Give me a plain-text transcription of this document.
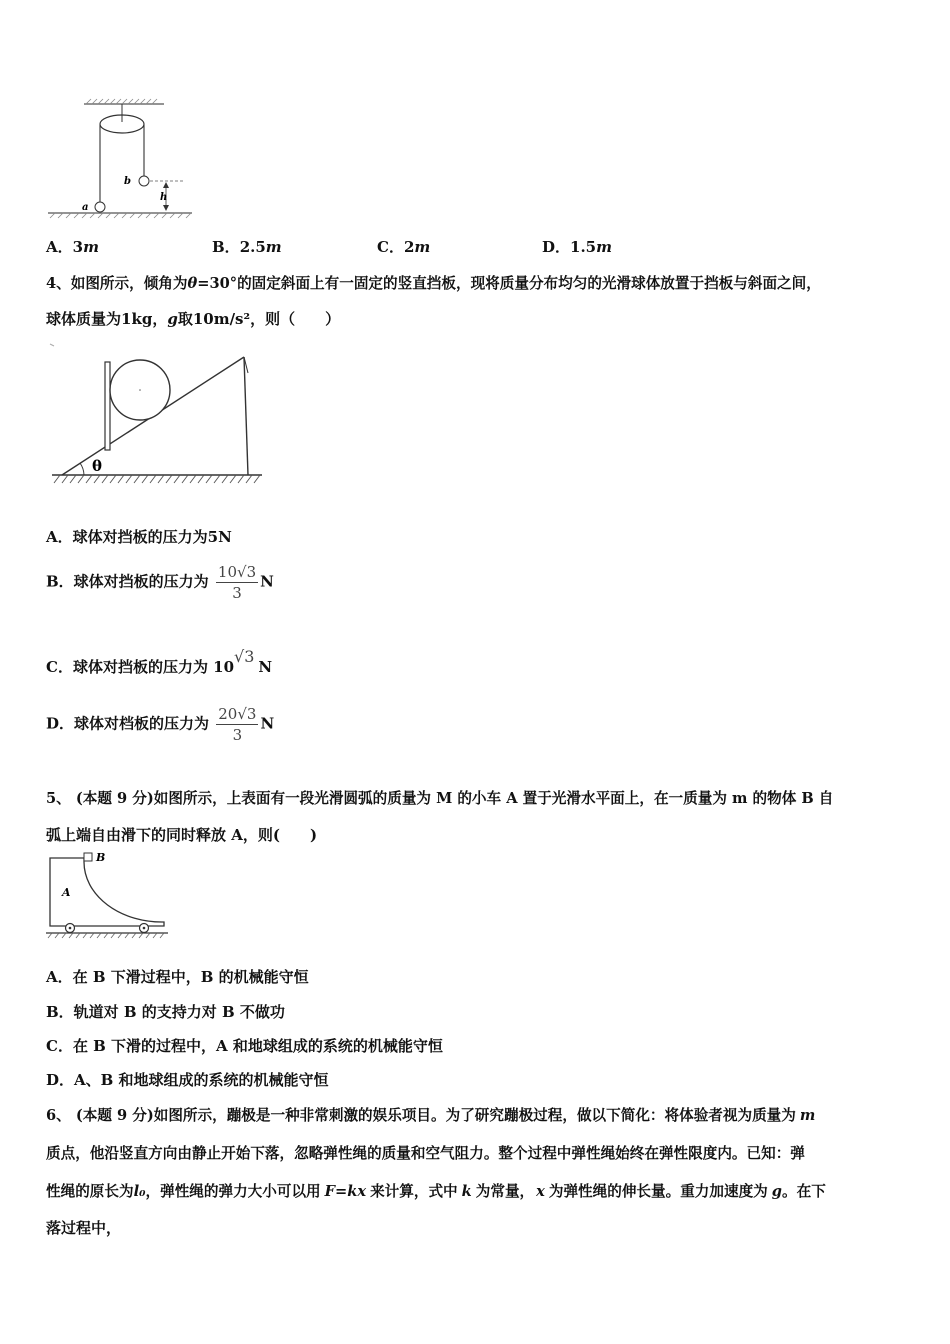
b
h
a
A．3m	B．2.5m	C．2m	D．1.5m
4、如图所示，倾角为θ=30°的固定斜面上有一固定的竖直挡板，现将质量分布均匀的光滑球体放置于挡板与斜面之间，
球体质量为1kg，g取10m/s²，则（　　）
θ
A．球体对挡板的压力为5N
B．球体对挡板的压力为 $\frac{10√3}{3}$ N
C．球体对挡板的压力为 10√3N
D．球体对档板的压力为 $\frac{20√3}{3}$ N
5、 (本题 9 分)如图所示，上表面有一段光滑圆弧的质量为 M 的小车 A 置于光滑水平面上，在一质量为 m 的物体 B 自
弧上端自由滑下的同时释放 A，则(　　)
B
A
A．在 B 下滑过程中，B 的机械能守恒
B．轨道对 B 的支持力对 B 不做功
C．在 B 下滑的过程中，A 和地球组成的系统的机械能守恒
D．A、B 和地球组成的系统的机械能守恒
6、 (本题 9 分)如图所示，蹦极是一种非常刺激的娱乐项目。为了研究蹦极过程，做以下简化：将体验者视为质量为 m
质点，他沿竖直方向由静止开始下落，忽略弹性绳的质量和空气阻力。整个过程中弹性绳始终在弹性限度内。已知：弹
性绳的原长为l₀，弹性绳的弹力大小可以用 F=kx 来计算，式中 k 为常量， x 为弹性绳的伸长量。重力加速度为 g。在下
落过程中，
